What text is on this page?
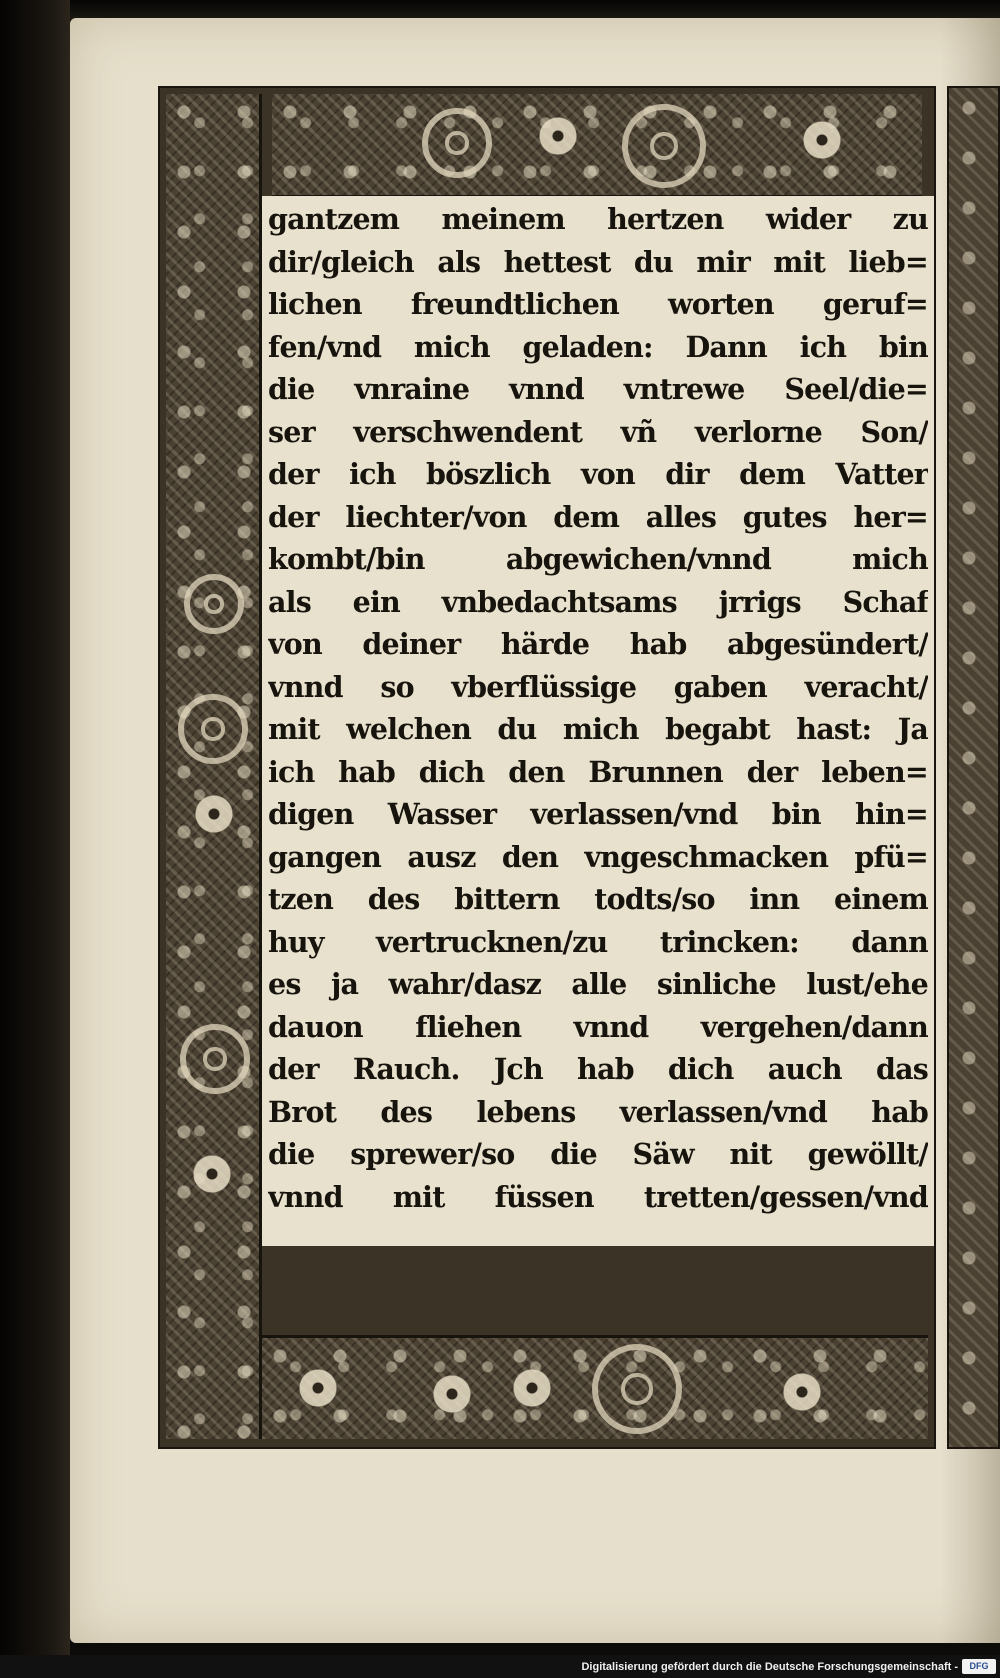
gantzem meinem hertzen wider zu
dir/gleich als hettest du mir mit lieb=
lichen freundtlichen worten geruf=
fen/vnd mich geladen: Dann ich bin
die vnraine vnnd vntrewe Seel/die=
ser verschwendent vñ verlorne Son/
der ich böszlich von dir dem Vatter
der liechter/von dem alles gutes her=
kombt/bin abgewichen/vnnd mich
als ein vnbedachtsams jrrigs Schaf
von deiner härde hab abgesündert/
vnnd so vberflüssige gaben veracht/
mit welchen du mich begabt hast: Ja
ich hab dich den Brunnen der leben=
digen Wasser verlassen/vnd bin hin=
gangen ausz den vngeschmacken pfü=
tzen des bittern todts/so inn einem
huy vertrucknen/zu trincken: dann
es ja wahr/dasz alle sinliche lust/ehe
dauon fliehen vnnd vergehen/dann
der Rauch. Jch hab dich auch das
Brot des lebens verlassen/vnd hab
die sprewer/so die Säw nit gewöllt/
vnnd mit füssen tretten/gessen/vnd
Digitalisierung gefördert durch die Deutsche Forschungsgemeinschaft -	DFG
